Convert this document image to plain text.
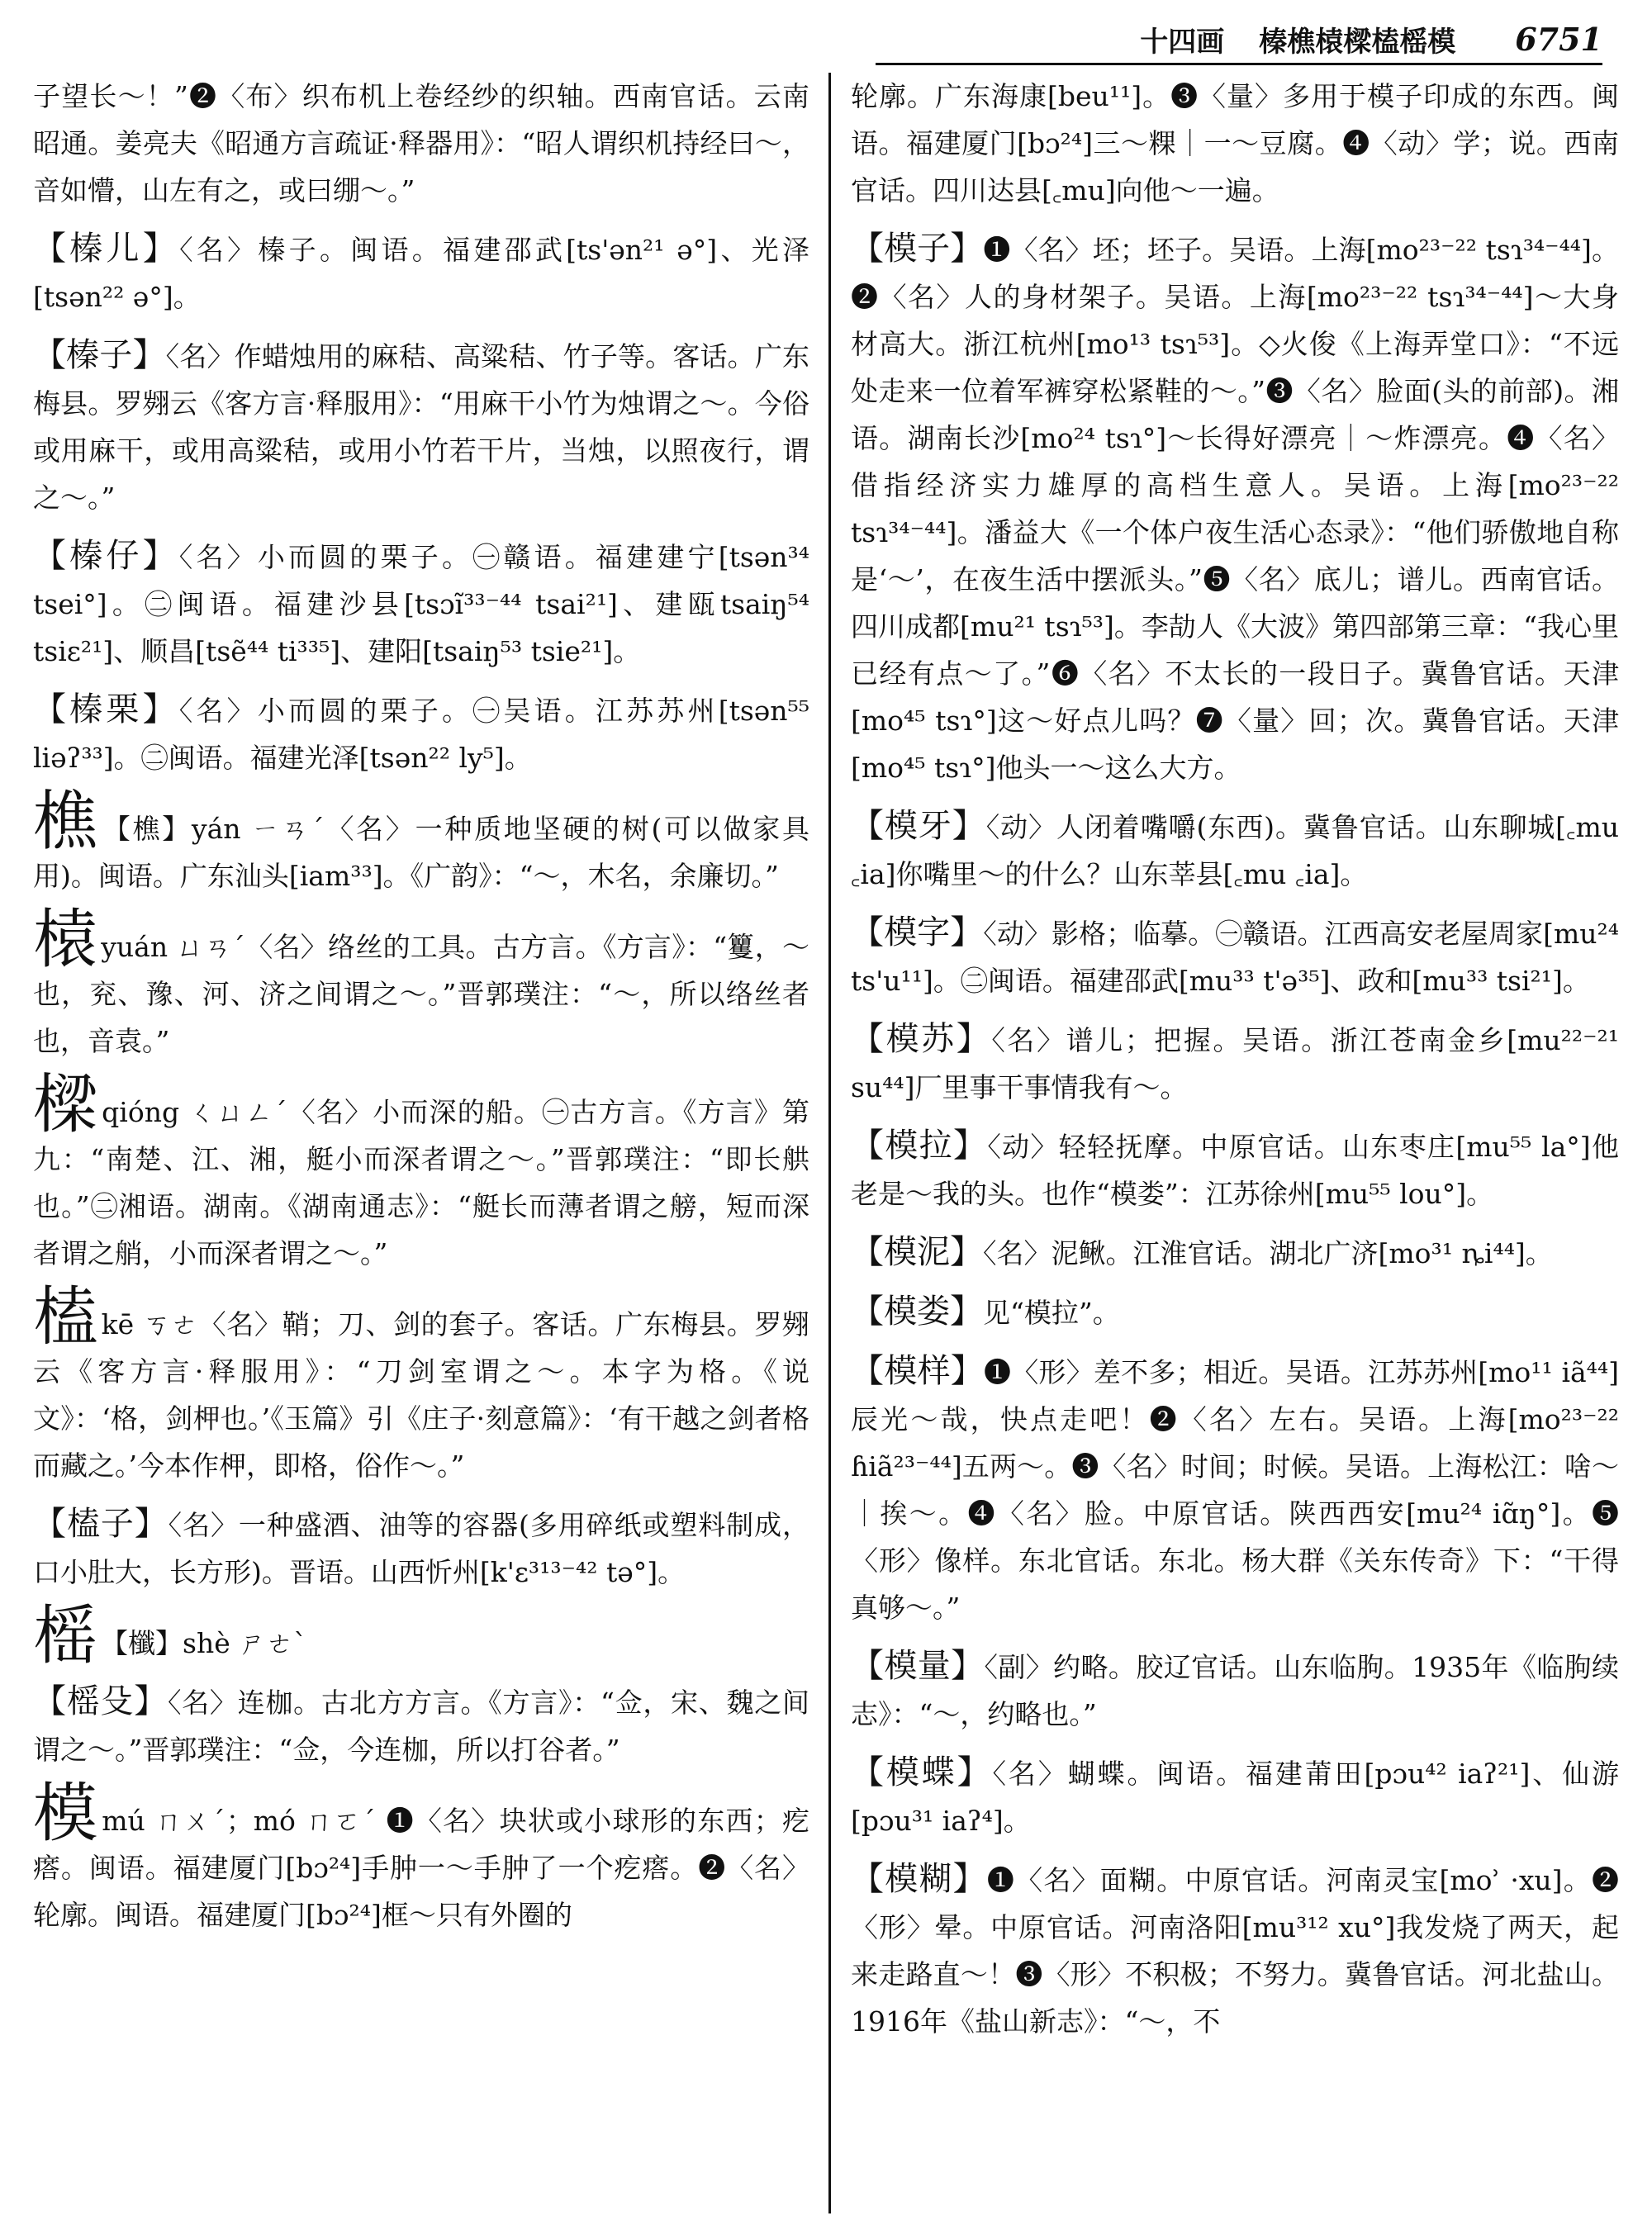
十四画 榛樵榬樑榼榣模 6751

子望长～！”❷〈布〉织布机上卷经纱的织轴。西南官话。云南昭通。姜亮夫《昭通方言疏证·释器用》：“昭人谓织机持经曰～，音如懵，山左有之，或曰绷～。”

【榛儿】〈名〉榛子。闽语。福建邵武[ts'ən²¹ ə°]、光泽[tsən²² ə°]。

【榛子】〈名〉作蜡烛用的麻秸、高粱秸、竹子等。客话。广东梅县。罗翙云《客方言·释服用》：“用麻干小竹为烛谓之～。今俗或用麻干，或用高粱秸，或用小竹若干片，当烛，以照夜行，谓之～。”

【榛仔】〈名〉小而圆的栗子。㊀赣语。福建建宁[tsən³⁴ tsei°]。㊁闽语。福建沙县[tsɔĩ³³⁻⁴⁴ tsai²¹]、建瓯tsaiŋ⁵⁴ tsiɛ²¹]、顺昌[tsẽ⁴⁴ ti³³⁵]、建阳[tsaiŋ⁵³ tsie²¹]。

【榛栗】〈名〉小而圆的栗子。㊀吴语。江苏苏州[tsən⁵⁵ liəʔ³³]。㊁闽语。福建光泽[tsən²² ly⁵]。

樵 【樵】yán ㄧㄢˊ〈名〉一种质地坚硬的树(可以做家具用)。闽语。广东汕头[iam³³]。《广韵》：“～，木名，余廉切。”

榬yuán ㄩㄢˊ〈名〉络丝的工具。古方言。《方言》：“籰，～也，兖、豫、河、济之间谓之～。”晋郭璞注：“～，所以络丝者也，音袁。”

樑qióng ㄑㄩㄥˊ〈名〉小而深的船。㊀古方言。《方言》第九：“南楚、江、湘，艇小而深者谓之～。”晋郭璞注：“即长舼也。”㊁湘语。湖南。《湖南通志》：“艇长而薄者谓之艕，短而深者谓之艄，小而深者谓之～。”

榼kē ㄎㄜ〈名〉鞘；刀、剑的套子。客话。广东梅县。罗翙云《客方言·释服用》：“刀剑室谓之～。本字为格。《说文》：‘格，剑柙也。’《玉篇》引《庄子·刻意篇》：‘有干越之剑者格而藏之。’今本作柙，即格，俗作～。”

【榼子】〈名〉一种盛酒、油等的容器(多用碎纸或塑料制成，口小肚大，长方形)。晋语。山西忻州[k'ɛ³¹³⁻⁴² tə°]。

榣 【櫼】shè ㄕㄜˋ

【榣殳】〈名〉连枷。古北方方言。《方言》：“佥，宋、魏之间谓之～。”晋郭璞注：“佥，今连枷，所以打谷者。”

模mú ㄇㄨˊ；mó ㄇㄛˊ ❶〈名〉块状或小球形的东西；疙瘩。闽语。福建厦门[bɔ²⁴]手肿一～手肿了一个疙瘩。❷〈名〉轮廓。闽语。福建厦门[bɔ²⁴]框～只有外圈的

轮廓。广东海康[beu¹¹]。❸〈量〉多用于模子印成的东西。闽语。福建厦门[bɔ²⁴]三～粿｜一～豆腐。❹〈动〉学；说。西南官话。四川达县[꜀mu]向他～一遍。

【模子】❶〈名〉坯；坯子。吴语。上海[mo²³⁻²² tsɿ³⁴⁻⁴⁴]。❷〈名〉人的身材架子。吴语。上海[mo²³⁻²² tsɿ³⁴⁻⁴⁴]～大身材高大。浙江杭州[mo¹³ tsɿ⁵³]。◇火俊《上海弄堂口》：“不远处走来一位着军裤穿松紧鞋的～。”❸〈名〉脸面(头的前部)。湘语。湖南长沙[mo²⁴ tsɿ°]～长得好漂亮｜～炸漂亮。❹〈名〉借指经济实力雄厚的高档生意人。吴语。上海[mo²³⁻²² tsɿ³⁴⁻⁴⁴]。潘益大《一个体户夜生活心态录》：“他们骄傲地自称是‘～’，在夜生活中摆派头。”❺〈名〉底儿；谱儿。西南官话。四川成都[mu²¹ tsɿ⁵³]。李劼人《大波》第四部第三章：“我心里已经有点～了。”❻〈名〉不太长的一段日子。冀鲁官话。天津[mo⁴⁵ tsɿ°]这～好点儿吗？❼〈量〉回；次。冀鲁官话。天津[mo⁴⁵ tsɿ°]他头一～这么大方。

【模牙】〈动〉人闭着嘴嚼(东西)。冀鲁官话。山东聊城[꜀mu ꜀ia]你嘴里～的什么？山东莘县[꜀mu ꜀ia]。

【模字】〈动〉影格；临摹。㊀赣语。江西高安老屋周家[mu²⁴ ts'u¹¹]。㊁闽语。福建邵武[mu³³ t'ə³⁵]、政和[mu³³ tsi²¹]。

【模苏】〈名〉谱儿；把握。吴语。浙江苍南金乡[mu²²⁻²¹ su⁴⁴]厂里事干事情我有～。

【模拉】〈动〉轻轻抚摩。中原官话。山东枣庄[mu⁵⁵ la°]他老是～我的头。也作“模娄”：江苏徐州[mu⁵⁵ lou°]。

【模泥】〈名〉泥鳅。江淮官话。湖北广济[mo³¹ ȵi⁴⁴]。

【模娄】见“模拉”。

【模样】❶〈形〉差不多；相近。吴语。江苏苏州[mo¹¹ iã⁴⁴]辰光～哉，快点走吧！❷〈名〉左右。吴语。上海[mo²³⁻²² ɦiã²³⁻⁴⁴]五两～。❸〈名〉时间；时候。吴语。上海松江：啥～｜挨～。❹〈名〉脸。中原官话。陕西西安[mu²⁴ iɑ̃ŋ°]。❺〈形〉像样。东北官话。东北。杨大群《关东传奇》下：“干得真够～。”

【模量】〈副〉约略。胶辽官话。山东临朐。1935年《临朐续志》：“～，约略也。”

【模蝶】〈名〉蝴蝶。闽语。福建莆田[pɔu⁴² iaʔ²¹]、仙游[pɔu³¹ iaʔ⁴]。

【模糊】❶〈名〉面糊。中原官话。河南灵宝[moʾ ·xu]。❷〈形〉晕。中原官话。河南洛阳[mu³¹² xu°]我发烧了两天，起来走路直～！❸〈形〉不积极；不努力。冀鲁官话。河北盐山。1916年《盐山新志》：“～，不
